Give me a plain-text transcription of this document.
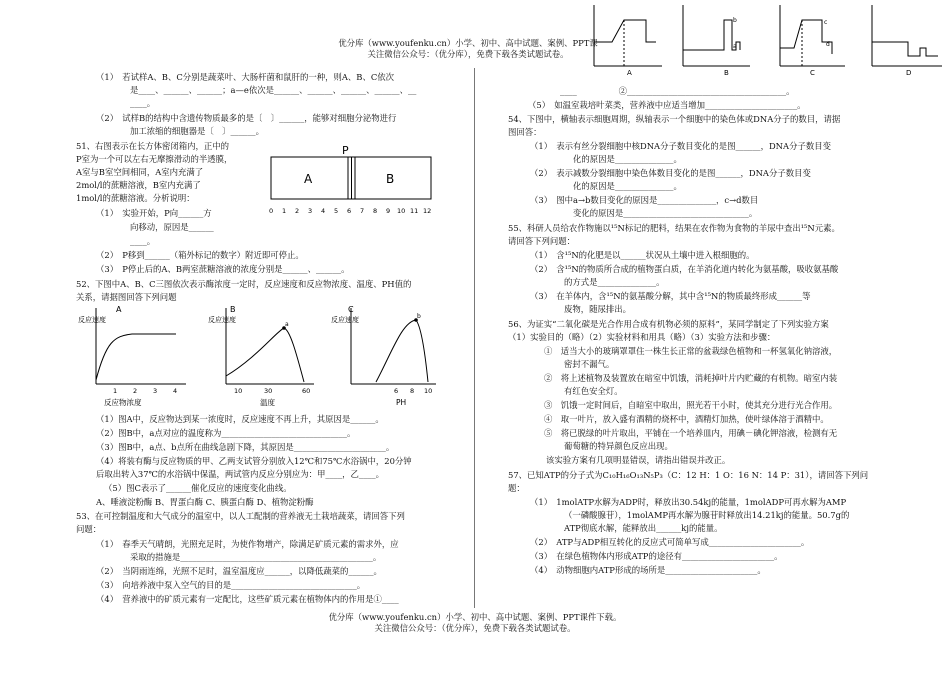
优分库（www.youfenku.cn）小学、初中、高中试题、案例、PPT课
关注微信公众号：（优分库），免费下载各类试题试卷。
A	B	C	D
b
a
c
d
（1）　若试样A、B、C分别是蔬菜叶、大肠杆菌和鼠肝的一种，则A、B、C依次
是____、______、______；a—e依次是______、______、______、______、__
____。
（2）　试样B的结构中含遗传物质最多的是〔　〕______，能够对细胞分泌物进行
加工浓缩的细胞器是〔　〕______。
51、右图表示在长方体密闭箱内，正中的
P室为一个可以左右无摩擦滑动的半透膜，
A室与B室空间相同，A室内充满了
2mol/l的蔗糖溶液，B室内充满了
1mol/l的蔗糖溶液。分析说明：
（1）　实验开始，P向______方
向移动，原因是______
____。
（2）　P移到______（箱外标记的数字）附近即可停止。
（3）　P停止后的A、B两室蔗糖溶液的浓度分别是______、______。
P
A	B
0 1 2 3 4 5 6 7 8 9 10 11 12
52、下图中A、B、C三图依次表示酶浓度一定时，反应速度和反应物浓度、温度、PH值的
关系，请据图回答下列问题
A	B	C
反应速度	反应速度	反应速度
a
b
1 2 3 4	10	30	60	6 8 10
反应物浓度	温度	PH
（1）图A中，反应物达到某一浓度时，反应速度不再上升，其原因是______。
（2）图B中，a点对应的温度称为______________________________。
（3）图B中，a点、b点所在曲线急剧下降，其原因是______________________。
（4）将装有酶与反应物质的甲、乙两支试管分别放入12℃和75℃水浴锅中，20分钟
后取出转入37℃的水浴锅中保温，两试管内反应分别应为：甲____，乙____。
（5）图C表示了______催化反应的速度变化曲线。
A、唾液淀粉酶 B、胃蛋白酶 C、胰蛋白酶 D、植物淀粉酶
53、在可控制温度和大气成分的温室中，以人工配制的营养液无土栽培蔬菜，请回答下列
问题：
（1）　春季天气晴朗，光照充足时，为使作物增产，除满足矿质元素的需求外，应
采取的措施是______________________________________________。
（2）　当阴雨连绵，光照不足时，温室温度应______，以降低蔬菜的______。
（3）　向培养液中泵入空气的目的是______________________________。
（4）　营养液中的矿质元素有一定配比，这些矿质元素在植物体内的作用是①____
____　　　　　②______________________________________。
（5）　如温室栽培叶菜类，营养液中应适当增加______________________。
54、下图中，横轴表示细胞周期，纵轴表示一个细胞中的染色体或DNA分子的数目，请据
图回答：
（1）　表示有丝分裂细胞中核DNA分子数目变化的是图______，DNA分子数目变
化的原因是______________。
（2）　表示减数分裂细胞中染色体数目变化的是图______，DNA分子数目变
化的原因是______________。
（3）　图中a→b数目变化的原因是______________，c→d数目
变化的原因是______________________________。
55、科研人员给农作物施以¹⁵N标记的肥料，结果在农作物为食物的羊尿中查出¹⁵N元素。
请回答下列问题：
（1）　含¹⁵N的化肥是以______状况从土壤中进入根细胞的。
（2）　含¹⁵N的物质所合成的植物蛋白质，在羊消化道内转化为氨基酸，吸收氨基酸
的方式是______________。
（3）　在羊体内，含¹⁵N的氨基酸分解，其中含¹⁵N的物质最终形成______等
废物，随尿排出。
56、为证实“二氧化碳是光合作用合成有机物必须的原料”，某同学制定了下列实验方案
（1）实验目的（略）（2）实验材料和用具（略）（3）实验方法和步骤：
①　适当大小的玻璃罩罩住一株生长正常的盆栽绿色植物和一杯氢氧化钠溶液，
密封不漏气。
②　将上述植物及装置放在暗室中饥饿，消耗掉叶片内贮藏的有机物。暗室内装
有红色安全灯。
③　饥饿一定时间后，自暗室中取出，照光若干小时，使其充分进行光合作用。
④　取一叶片，放入盛有酒精的烧杯中，酒精灯加热，使叶绿体溶于酒精中。
⑤　将已脱绿的叶片取出，平铺在一个培养皿内，用碘－碘化钾溶液，检测有无
葡萄糖的特异颜色反应出现。
该实验方案有几项明显错误，请指出错误并改正。
57、已知ATP的分子式为C₁₀H₁₆O₁₃N₅P₃（C：12 H：1 O：16 N：14 P：31），请回答下列问
题：
（1）　1molATP水解为ADP时，释放出30.54kj的能量，1molADP可再水解为AMP
（一磷酸腺苷），1molAMP再水解为腺苷时释放出14.21kj的能量。50.7g的
ATP彻底水解，能释放出______kj的能量。
（2）　ATP与ADP相互转化的反应式可简单写成______________________。
（3）　在绿色植物体内形成ATP的途径有______________________。
（4）　动物细胞内ATP形成的场所是______________________。
优分库（www.youfenku.cn）小学、初中、高中试题、案例、PPT课件下载。
关注微信公众号：（优分库），免费下载各类试题试卷。
